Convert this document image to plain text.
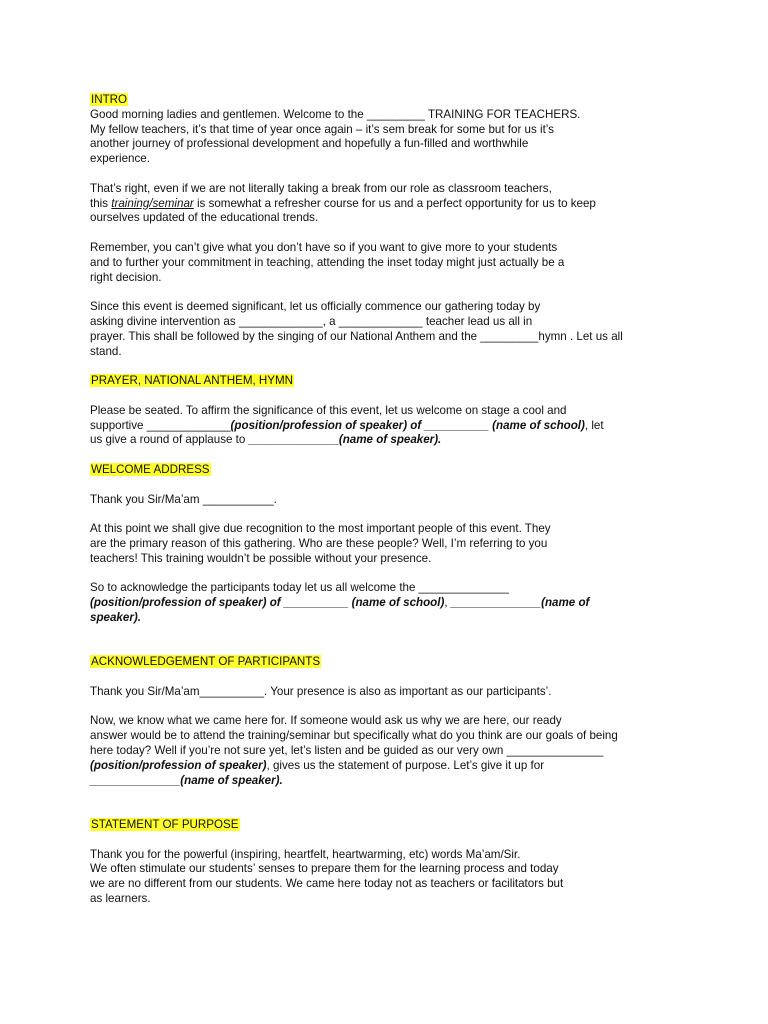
INTRO
Good morning ladies and gentlemen. Welcome to the _________ TRAINING FOR TEACHERS.
My fellow teachers, it’s that time of year once again – it’s sem break for some but for us it’s
another journey of professional development and hopefully a fun-filled and worthwhile
experience.
That’s right, even if we are not literally taking a break from our role as classroom teachers,
this training/seminar is somewhat a refresher course for us and a perfect opportunity for us to keep
ourselves updated of the educational trends.
Remember, you can’t give what you don’t have so if you want to give more to your students
and to further your commitment in teaching, attending the inset today might just actually be a
right decision.
Since this event is deemed significant, let us officially commence our gathering today by
asking divine intervention as _____________, a _____________ teacher lead us all in
prayer. This shall be followed by the singing of our National Anthem and the _________hymn . Let us all
stand.
PRAYER, NATIONAL ANTHEM, HYMN
Please be seated. To affirm the significance of this event, let us welcome on stage a cool and
supportive _____________(position/profession of speaker) of __________ (name of school), let
us give a round of applause to ______________(name of speaker).
WELCOME ADDRESS
Thank you Sir/Ma’am ___________.
At this point we shall give due recognition to the most important people of this event. They
are the primary reason of this gathering. Who are these people? Well, I’m referring to you
teachers! This training wouldn’t be possible without your presence.
So to acknowledge the participants today let us all welcome the ______________
(position/profession of speaker) of __________ (name of school), ______________(name of
speaker).
ACKNOWLEDGEMENT OF PARTICIPANTS
Thank you Sir/Ma’am__________. Your presence is also as important as our participants’.
Now, we know what we came here for. If someone would ask us why we are here, our ready
answer would be to attend the training/seminar but specifically what do you think are our goals of being
here today? Well if you’re not sure yet, let’s listen and be guided as our very own _______________
(position/profession of speaker), gives us the statement of purpose. Let’s give it up for
______________(name of speaker).
STATEMENT OF PURPOSE
Thank you for the powerful (inspiring, heartfelt, heartwarming, etc) words Ma’am/Sir.
We often stimulate our students’ senses to prepare them for the learning process and today
we are no different from our students. We came here today not as teachers or facilitators but
as learners.
